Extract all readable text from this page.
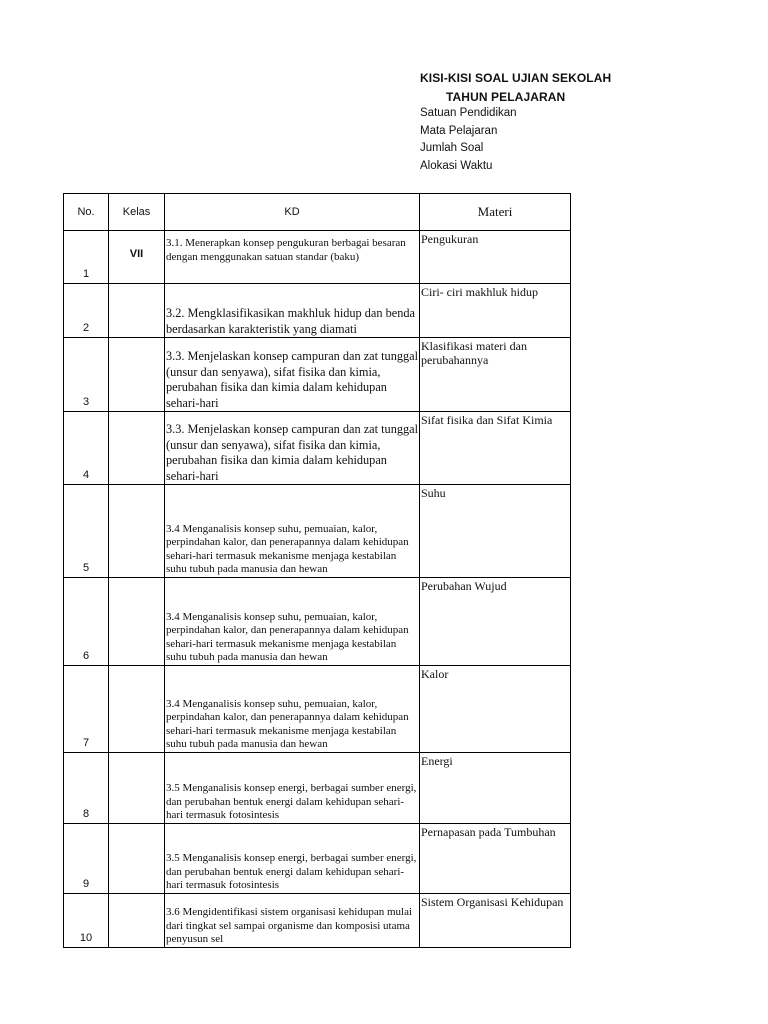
KISI-KISI SOAL UJIAN SEKOLAH
TAHUN PELAJARAN
Satuan Pendidikan
Mata Pelajaran
Jumlah Soal
Alokasi Waktu
No.	Kelas	KD	Materi

1	VII	3.1. Menerapkan konsep pengukuran berbagai besaran dengan menggunakan satuan standar (baku)	Pengukuran

2		3.2. Mengklasifikasikan makhluk hidup dan benda berdasarkan karakteristik yang diamati	Ciri- ciri makhluk hidup

3		3.3. Menjelaskan konsep campuran dan zat tunggal (unsur dan senyawa), sifat fisika dan kimia, perubahan fisika dan kimia dalam kehidupan sehari-hari	Klasifikasi materi dan perubahannya

4		3.3. Menjelaskan konsep campuran dan zat tunggal (unsur dan senyawa), sifat fisika dan kimia, perubahan fisika dan kimia dalam kehidupan sehari-hari	Sifat fisika dan Sifat Kimia

5		3.4 Menganalisis konsep suhu, pemuaian, kalor, perpindahan kalor, dan penerapannya dalam kehidupan sehari-hari termasuk mekanisme menjaga kestabilan suhu tubuh pada manusia dan hewan	Suhu

6		3.4 Menganalisis konsep suhu, pemuaian, kalor, perpindahan kalor, dan penerapannya dalam kehidupan sehari-hari termasuk mekanisme menjaga kestabilan suhu tubuh pada manusia dan hewan	Perubahan Wujud

7		3.4 Menganalisis konsep suhu, pemuaian, kalor, perpindahan kalor, dan penerapannya dalam kehidupan sehari-hari termasuk mekanisme menjaga kestabilan suhu tubuh pada manusia dan hewan	Kalor

8		3.5 Menganalisis konsep energi, berbagai sumber energi, dan perubahan bentuk energi dalam kehidupan sehari-hari termasuk fotosintesis	Energi

9		3.5 Menganalisis konsep energi, berbagai sumber energi, dan perubahan bentuk energi dalam kehidupan sehari-hari termasuk fotosintesis	Pernapasan pada Tumbuhan

10		3.6 Mengidentifikasi sistem organisasi kehidupan mulai dari tingkat sel sampai organisme dan komposisi utama penyusun sel	Sistem Organisasi Kehidupan
